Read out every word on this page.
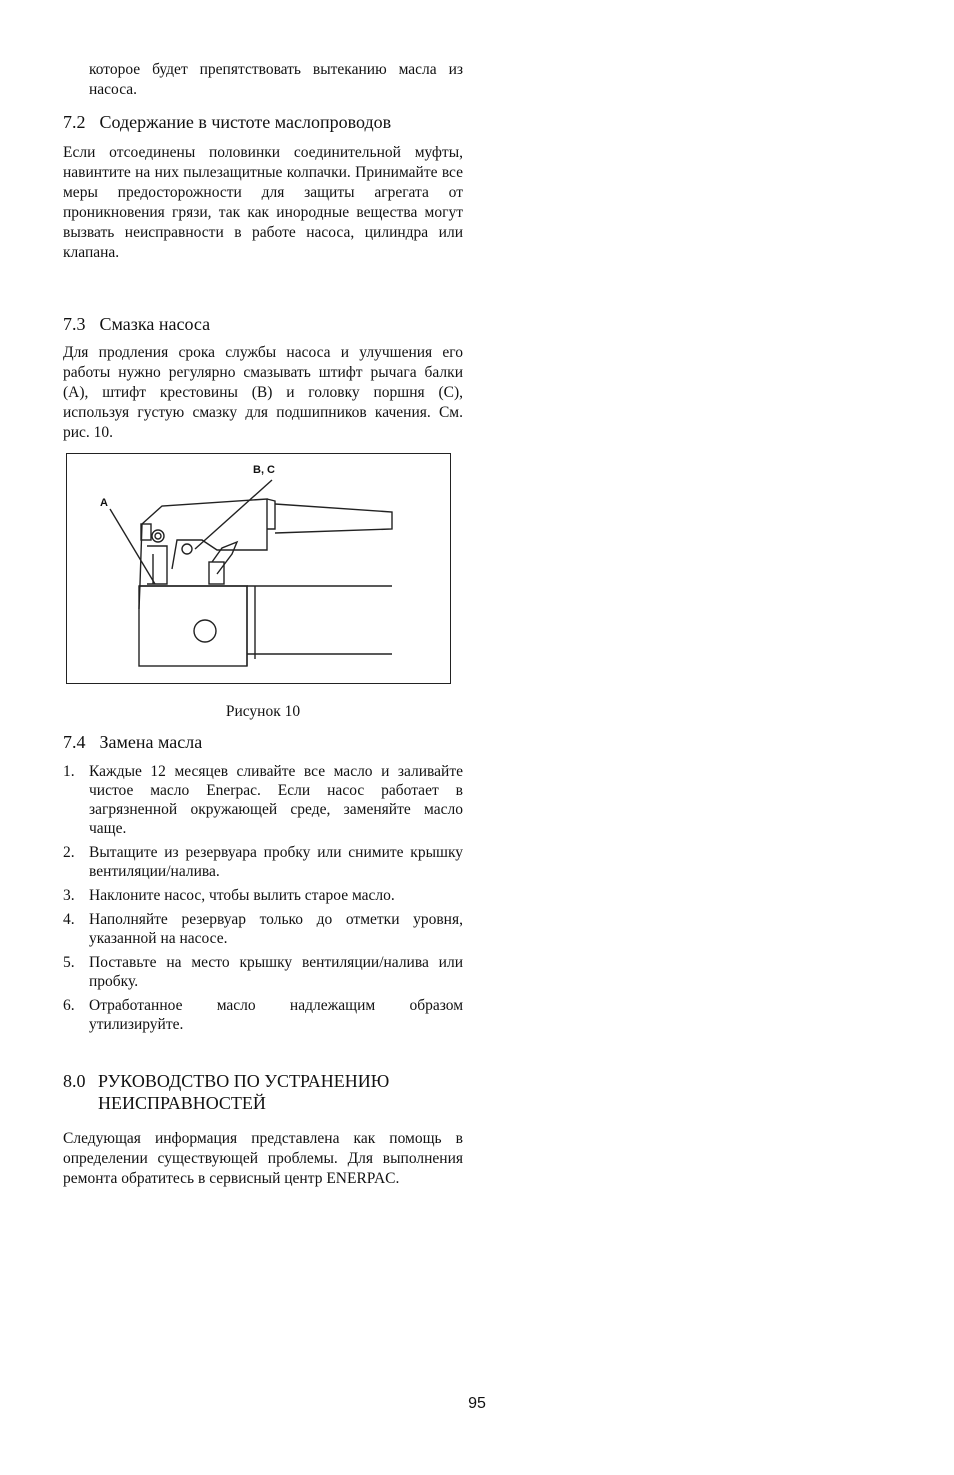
которое будет препятствовать вытеканию масла из насоса.

7.2 Содержание в чистоте маслопроводов

Если отсоединены половинки соединительной муфты, навинтите на них пылезащитные колпачки. Принимайте все меры предосторожности для защиты агрегата от проникновения грязи, так как инородные вещества могут вызвать неисправности в работе насоса, цилиндра или клапана.

7.3 Смазка насоса

Для продления срока службы насоса и улучшения его работы нужно регулярно смазывать штифт рычага балки (A), штифт крестовины (B) и головку поршня (C), используя густую смазку для подшипников качения. См. рис. 10.

A
B, C
Рисунок 10
7.4 Замена масла
1. Каждые 12 месяцев сливайте все масло и заливайте чистое масло Enerpac. Если насос работает в загрязненной окружающей среде, заменяйте масло чаще.
2. Вытащите из резервуара пробку или снимите крышку вентиляции/налива.
3. Наклоните насос, чтобы вылить старое масло.
4. Наполняйте резервуар только до отметки уровня, указанной на насосе.
5. Поставьте на место крышку вентиляции/налива или пробку.
6. Отработанное масло надлежащим образом утилизируйте.
8.0 РУКОВОДСТВО ПО УСТРАНЕНИЮ НЕИСПРАВНОСТЕЙ

Следующая информация представлена как помощь в определении существующей проблемы. Для выполнения ремонта обратитесь в сервисный центр ENERPAC.

95
